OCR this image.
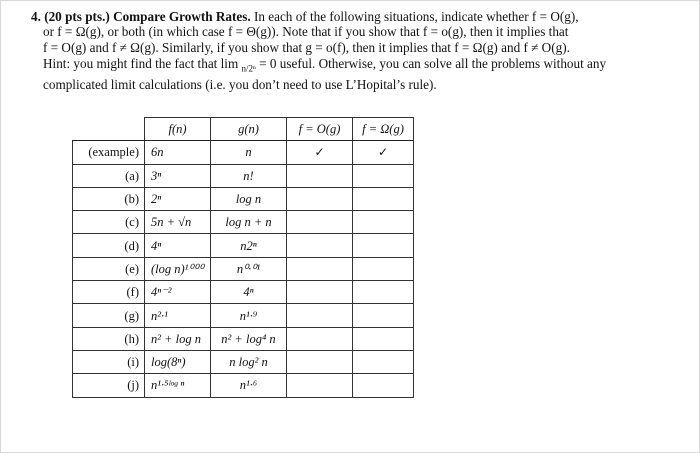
4. (20 pts pts.) Compare Growth Rates. In each of the following situations, indicate whether f = O(g),

or f = Ω(g), or both (in which case f = Θ(g)). Note that if you show that f = o(g), then it implies that

f = O(g) and f ≠ Ω(g). Similarly, if you show that g = o(f), then it implies that f = Ω(g) and f ≠ O(g).

Hint: you might find the fact that lim $_{n/2^n}$ = 0 useful. Otherwise, you can solve all the problems without any

complicated limit calculations (i.e. you don’t need to use L’Hopital’s rule).

	f(n)	g(n)	f = O(g)	f = Ω(g)
(example)	6n	n	✓	✓
(a)	3ⁿ	n!		
(b)	2ⁿ	log n		
(c)	5n + √n	log n + n		
(d)	4ⁿ	n2ⁿ		
(e)	(log n)¹⁰⁰⁰	n⁰·⁰¹		
(f)	4ⁿ⁻²	4ⁿ		
(g)	n²·¹	n¹·⁹		
(h)	n² + log n	n² + log⁴ n		
(i)	log(8ⁿ)	n log² n		
(j)	n¹·⁵ˡᵒᵍ ⁿ	n¹·⁶		
